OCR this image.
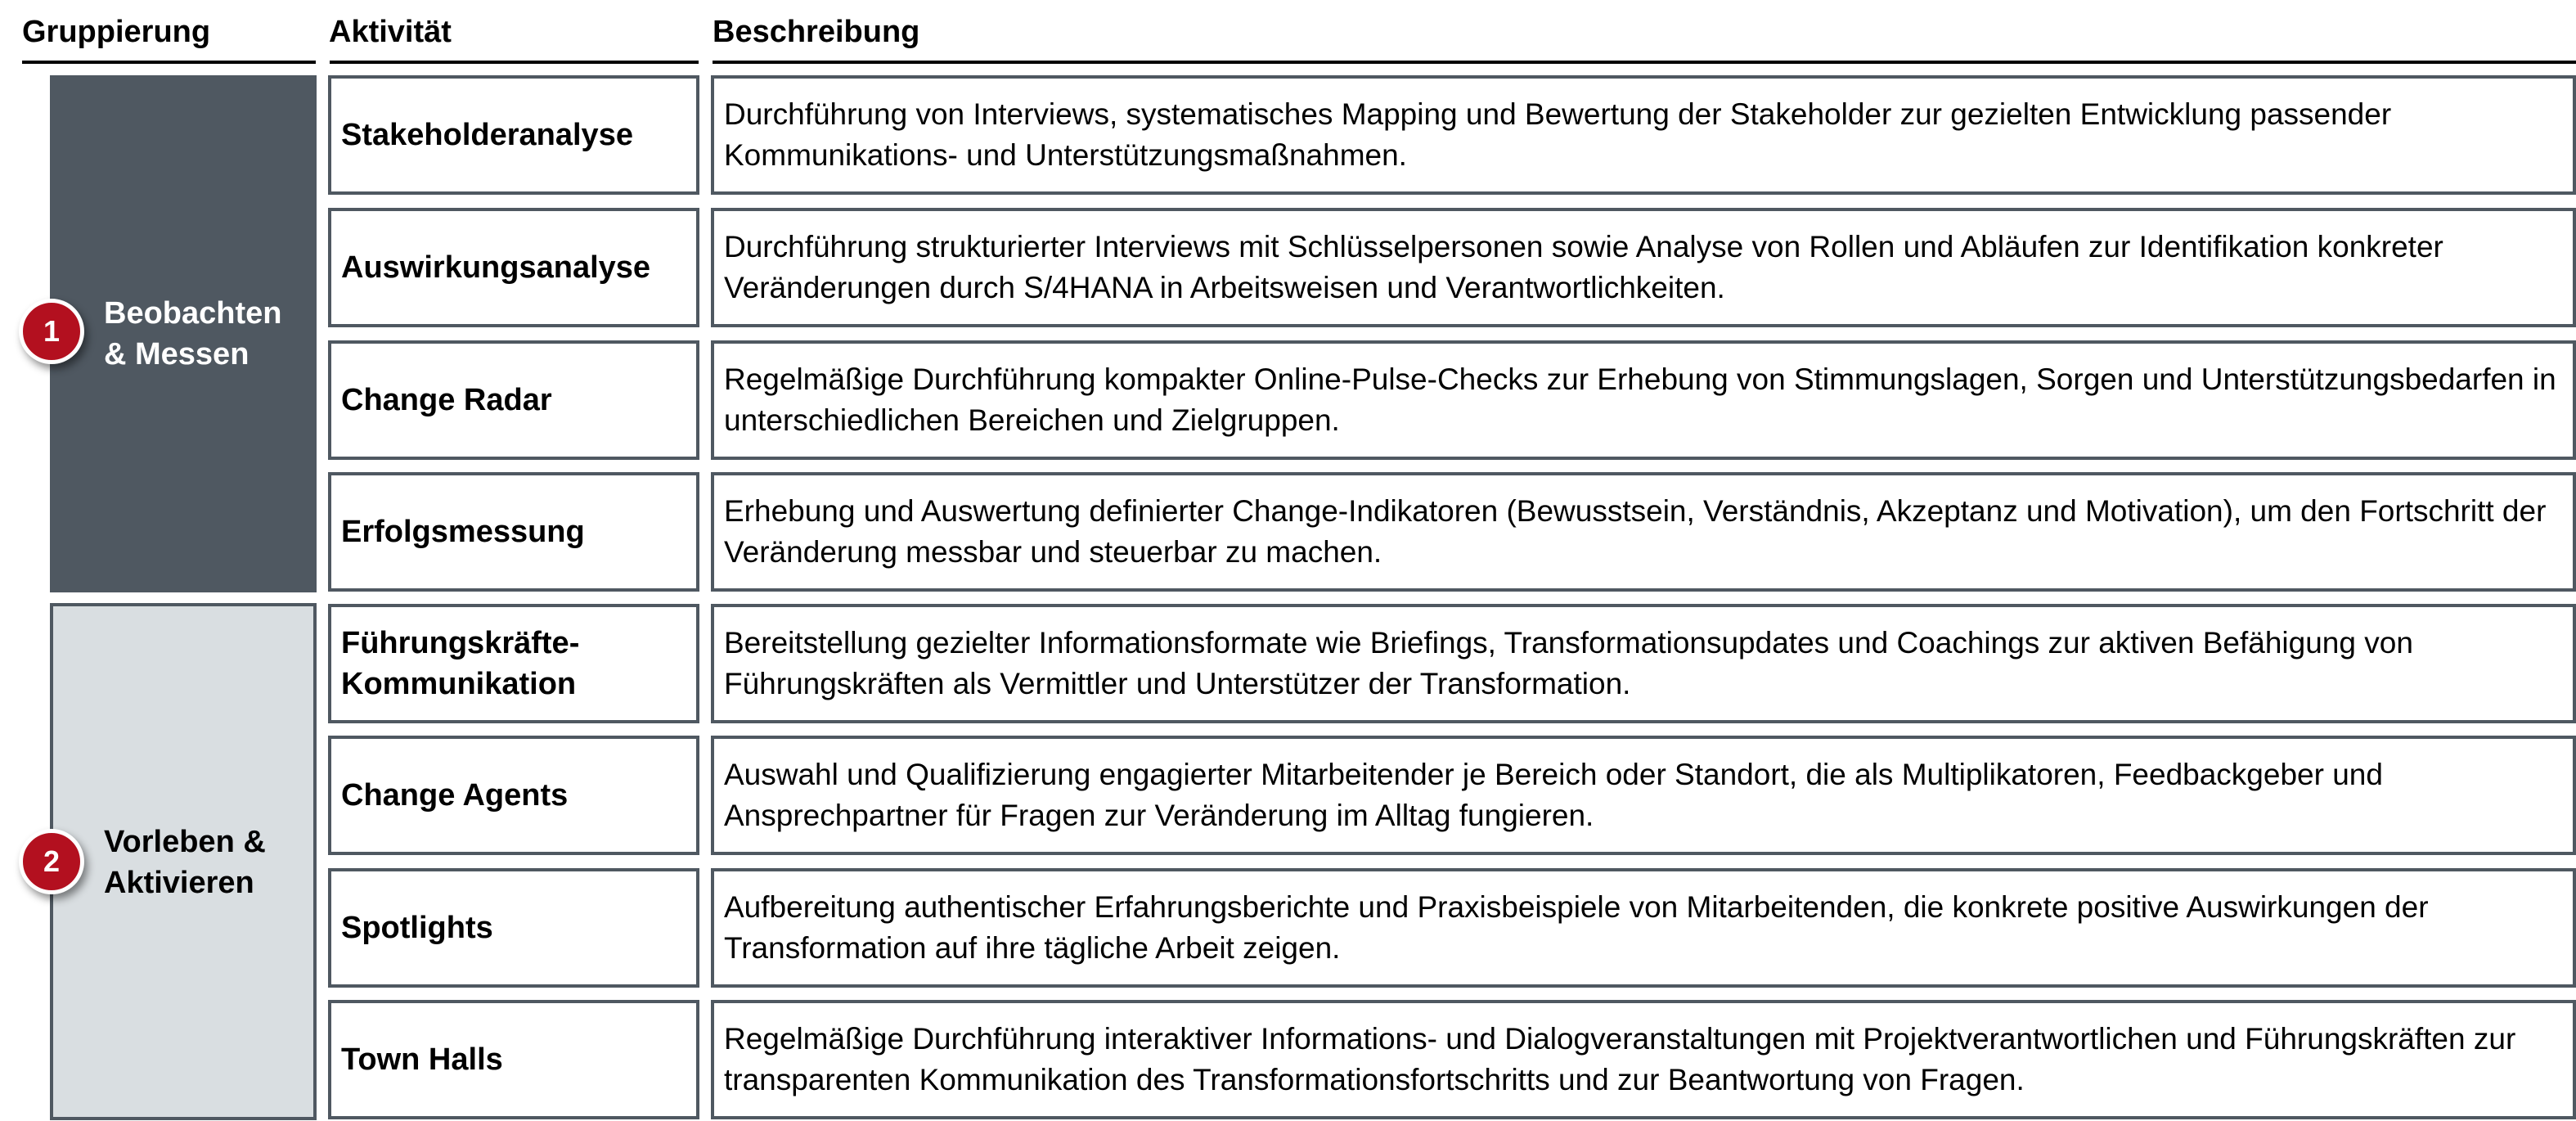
Gruppierung	Aktivität	Beschreibung
1
Beobachten
& Messen
2
Vorleben &
Aktivieren
Stakeholderanalyse
Durchführung von Interviews, systematisches Mapping und Bewertung der Stakeholder zur gezielten Entwicklung passender Kommunikations- und Unterstützungsmaßnahmen.
Auswirkungsanalyse
Durchführung strukturierter Interviews mit Schlüsselpersonen sowie Analyse von Rollen und Abläufen zur Identifikation konkreter Veränderungen durch S/4HANA in Arbeitsweisen und Verantwortlichkeiten.
Change Radar
Regelmäßige Durchführung kompakter Online-Pulse-Checks zur Erhebung von Stimmungslagen, Sorgen und Unterstützungsbedarfen in unterschiedlichen Bereichen und Zielgruppen.
Erfolgsmessung
Erhebung und Auswertung definierter Change-Indikatoren (Bewusstsein, Verständnis, Akzeptanz und Motivation), um den Fortschritt der Veränderung messbar und steuerbar zu machen.
Führungskräfte-
Kommunikation
Bereitstellung gezielter Informationsformate wie Briefings, Transformationsupdates und Coachings zur aktiven Befähigung von Führungskräften als Vermittler und Unterstützer der Transformation.
Change Agents
Auswahl und Qualifizierung engagierter Mitarbeitender je Bereich oder Standort, die als Multiplikatoren, Feedbackgeber und Ansprechpartner für Fragen zur Veränderung im Alltag fungieren.
Spotlights
Aufbereitung authentischer Erfahrungsberichte und Praxisbeispiele von Mitarbeitenden, die konkrete positive Auswirkungen der Transformation auf ihre tägliche Arbeit zeigen.
Town Halls
Regelmäßige Durchführung interaktiver Informations- und Dialogveranstaltungen mit Projektverantwortlichen und Führungskräften zur transparenten Kommunikation des Transformationsfortschritts und zur Beantwortung von Fragen.
